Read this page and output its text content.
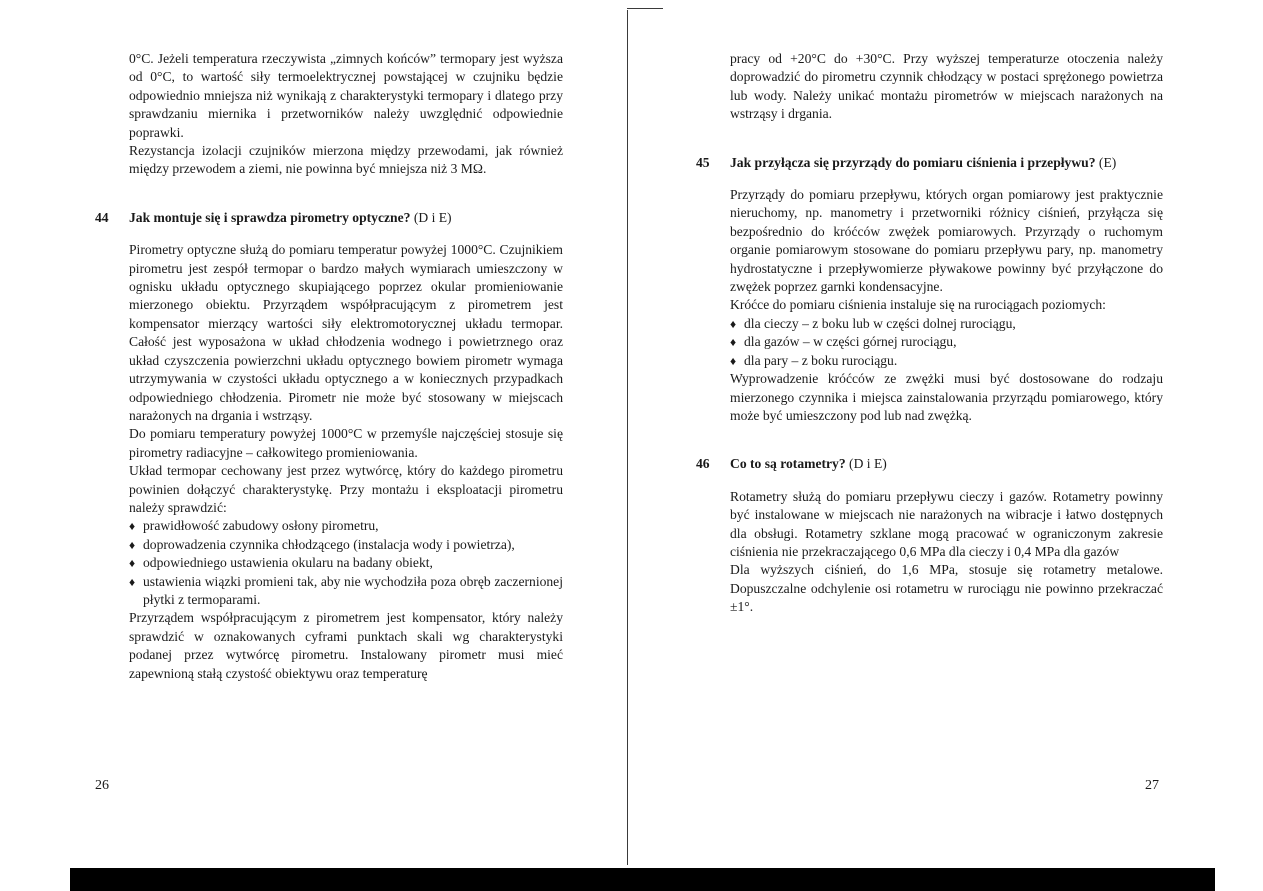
0°C. Jeżeli temperatura rzeczywista „zimnych końców” termopary jest wyższa od 0°C, to wartość siły termoelektrycznej powstającej w czujniku będzie odpowiednio mniejsza niż wynikają z charakterystyki termopary i dlatego przy sprawdzaniu miernika i przetworników należy uwzględnić odpowiednie poprawki.

Rezystancja izolacji czujników mierzona między przewodami, jak również między przewodem a ziemi, nie powinna być mniejsza niż 3 MΩ.

44 Jak montuje się i sprawdza pirometry optyczne? (D i E)

Pirometry optyczne służą do pomiaru temperatur powyżej 1000°C. Czujnikiem pirometru jest zespół termopar o bardzo małych wymiarach umieszczony w ognisku układu optycznego skupiającego poprzez okular promieniowanie mierzonego obiektu. Przyrządem współpracującym z pirometrem jest kompensator mierzący wartości siły elektromotorycznej układu termopar. Całość jest wyposażona w układ chłodzenia wodnego i powietrznego oraz układ czyszczenia powierzchni układu optycznego bowiem pirometr wymaga utrzymywania w czystości układu optycznego a w koniecznych przypadkach odpowiedniego chłodzenia. Pirometr nie może być stosowany w miejscach narażonych na drgania i wstrząsy.

Do pomiaru temperatury powyżej 1000°C w przemyśle najczęściej stosuje się pirometry radiacyjne – całkowitego promieniowania.

Układ termopar cechowany jest przez wytwórcę, który do każdego pirometru powinien dołączyć charakterystykę. Przy montażu i eksploatacji pirometru należy sprawdzić:

♦ prawidłowość zabudowy osłony pirometru,

♦ doprowadzenia czynnika chłodzącego (instalacja wody i powietrza),

♦ odpowiedniego ustawienia okularu na badany obiekt,

♦ ustawienia wiązki promieni tak, aby nie wychodziła poza obręb zaczernionej płytki z termoparami.

Przyrządem współpracującym z pirometrem jest kompensator, który należy sprawdzić w oznakowanych cyframi punktach skali wg charakterystyki podanej przez wytwórcę pirometru. Instalowany pirometr musi mieć zapewnioną stałą czystość obiektywu oraz temperaturę

26

pracy od +20°C do +30°C. Przy wyższej temperaturze otoczenia należy doprowadzić do pirometru czynnik chłodzący w postaci sprężonego powietrza lub wody. Należy unikać montażu pirometrów w miejscach narażonych na wstrząsy i drgania.

45 Jak przyłącza się przyrządy do pomiaru ciśnienia i przepływu? (E)

Przyrządy do pomiaru przepływu, których organ pomiarowy jest praktycznie nieruchomy, np. manometry i przetworniki różnicy ciśnień, przyłącza się bezpośrednio do króćców zwężek pomiarowych. Przyrządy o ruchomym organie pomiarowym stosowane do pomiaru przepływu pary, np. manometry hydrostatyczne i przepływomierze pływakowe powinny być przyłączone do zwężek poprzez garnki kondensacyjne.

Króćce do pomiaru ciśnienia instaluje się na rurociągach poziomych:

♦ dla cieczy – z boku lub w części dolnej rurociągu,

♦ dla gazów – w części górnej rurociągu,

♦ dla pary – z boku rurociągu.

Wyprowadzenie króćców ze zwężki musi być dostosowane do rodzaju mierzonego czynnika i miejsca zainstalowania przyrządu pomiarowego, który może być umieszczony pod lub nad zwężką.

46 Co to są rotametry? (D i E)

Rotametry służą do pomiaru przepływu cieczy i gazów. Rotametry powinny być instalowane w miejscach nie narażonych na wibracje i łatwo dostępnych dla obsługi. Rotametry szklane mogą pracować w ograniczonym zakresie ciśnienia nie przekraczającego 0,6 MPa dla cieczy i 0,4 MPa dla gazów

Dla wyższych ciśnień, do 1,6 MPa, stosuje się rotametry metalowe. Dopuszczalne odchylenie osi rotametru w rurociągu nie powinno przekraczać ±1°.

27
